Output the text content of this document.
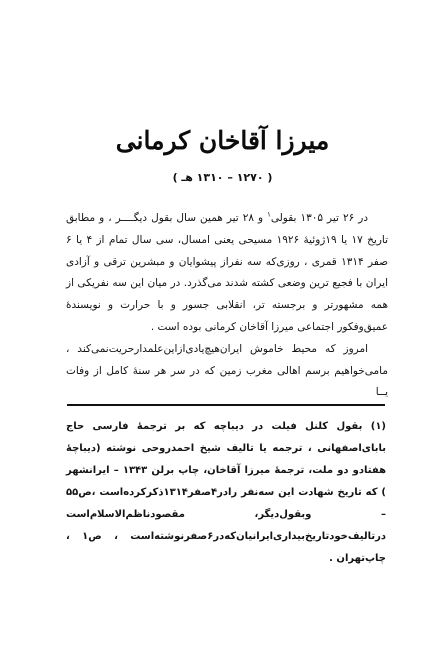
میرزا آقاخان کرمانی
( ۱۲۷۰ – ۱۳۱۰ هـ )

در ۲۶ تیر ۱۳۰۵ بقولی$^۱$ و ۲۸ تیر همین سال بقول دیگــــر ، و مطابق تاریخ ۱۷ یا ۱۹ژوئیهٔ ۱۹۲۶ مسیحی یعنی امسال، سی سال تمام از ۴ یا ۶ صفر ۱۳۱۴ قمری ، روزی‌که سه نفراز پیشوایان و مبشرین ترقی و آزادی ایران با فجیع ترین وضعی کشته شدند می‌گذرد. در میان این سه نفریکی از همه مشهورتر و برجسته تر، انقلابی جسور و با حرارت و نویسندهٔ عمیق‌وفکور اجتماعی میرزا آقاخان کرمانی بوده است .

امروز که محیط خاموش ایران‌هیچ‌یادی‌ازاین‌علمدار‌حریت‌نمی‌کند ، ما‌می‌خواهیم برسم اهالی مغرب زمین که در سر هر سنهٔ کامل از وفات یــا

(۱) بقول کلنل فیلت در دیباچه که بر ترجمهٔ فارسی حاج بابای‌اصفهانی ، ترجمه یا تالیف شیخ احمدروحی نوشته (دیباچهٔ هفتادو دو ملت، ترجمهٔ میرزا آقاخان، چاپ برلن ۱۳۴۳ – ایرانشهر ) که تاریخ شهادت این سه‌نفر رادر۴صفر۱۳۱۴ذکرکرده‌است ،ص۵۵ – وبقول‌دیگر، مقصودناظم‌الاسلام‌است درتالیف‌خودتاریخ‌بیداری‌ایرانیان‌که‌در۶صفرنوشته‌است ، ص۱ ، چاپ‌تهران .
